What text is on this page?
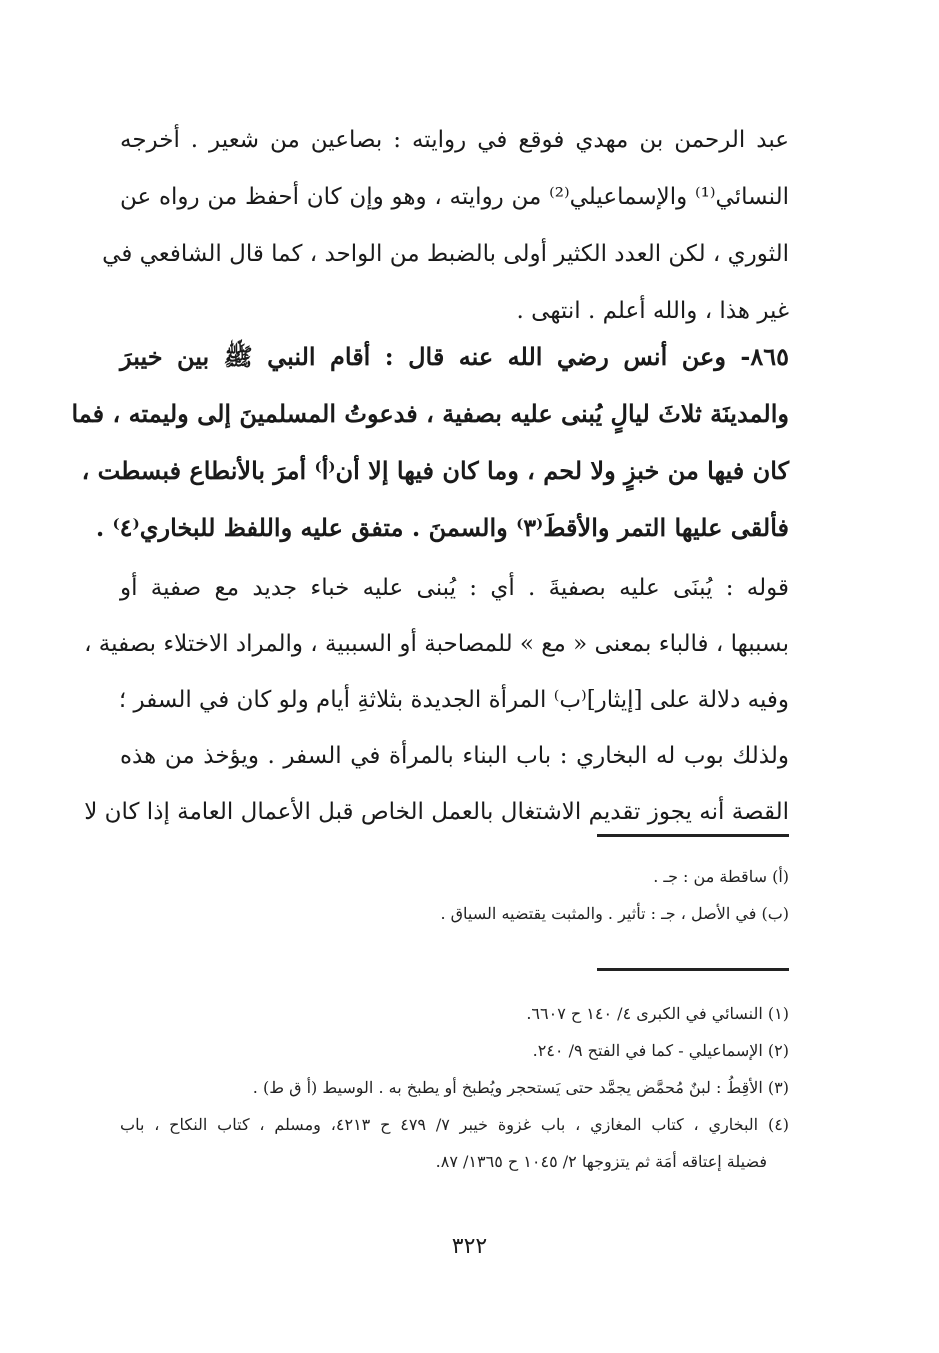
عبد الرحمن بن مهدي فوقع في روايته : بصاعين من شعير . أخرجه
النسائي⁽¹⁾ والإسماعيلي⁽²⁾ من روايته ، وهو وإن كان أحفظ من رواه عن
الثوري ، لكن العدد الكثير أولى بالضبط من الواحد ، كما قال الشافعي في
غير هذا ، والله أعلم . انتهى .
٨٦٥- وعن أنس رضي الله عنه قال : أقام النبي ﷺ بين خيبرَ
والمدينَة ثلاثَ ليالٍ يُبنى عليه بصفية ، فدعوتُ المسلمينَ إلى وليمته ، فما
كان فيها من خبزٍ ولا لحم ، وما كان فيها إلا أن⁽أ⁾ أمرَ بالأنطاع فبسطت ،
فألقى عليها التمر والأقطَ⁽٣⁾ والسمنَ . متفق عليه واللفظ للبخاري⁽٤⁾ .
قوله : يُبنَى عليه بصفيةَ . أي : يُبنى عليه خباء جديد مع صفية أو
بسببها ، فالباء بمعنى « مع » للمصاحبة أو السببية ، والمراد الاختلاء بصفية ،
وفيه دلالة على [إيثار]⁽ب⁾ المرأة الجديدة بثلاثةِ أيام ولو كان في السفر ؛
ولذلك بوب له البخاري : باب البناء بالمرأة في السفر . ويؤخذ من هذه
القصة أنه يجوز تقديم الاشتغال بالعمل الخاص قبل الأعمال العامة إذا كان لا
(أ) ساقطة من : جـ .
(ب) في الأصل ، جـ : تأثير . والمثبت يقتضيه السياق .
(١) النسائي في الكبرى ٤/ ١٤٠ ح ٦٦٠٧.
(٢) الإسماعيلي - كما في الفتح ٩/ ٢٤٠.
(٣) الأقِطُ : لبنٌ مُحمَّض يجمَّد حتى يَستحجر ويُطبخ أو يطبخ به . الوسيط (أ ق ط) .
(٤) البخاري ، كتاب المغازي ، باب غزوة خيبر ٧/ ٤٧٩ ح ٤٢١٣، ومسلم ، كتاب النكاح ، باب
فضيلة إعتاقه أمَة ثم يتزوجها ٢/ ١٠٤٥ ح ١٣٦٥/ ٨٧.
٣٢٢
